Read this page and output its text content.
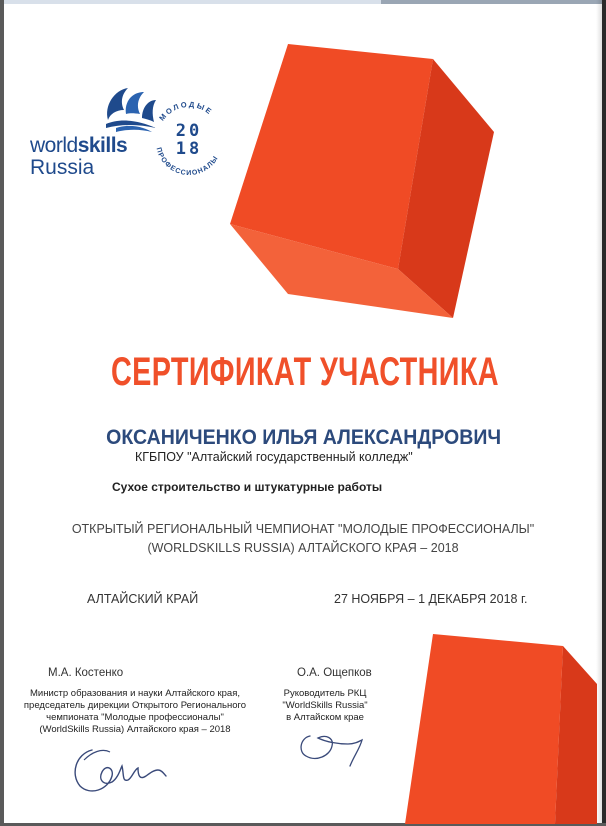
worldskills
Russia
МОЛОДЫЕ
ПРОФЕССИОНАЛЫ
20
18
СЕРТИФИКАТ УЧАСТНИКА
ОКСАНИЧЕНКО ИЛЬЯ АЛЕКСАНДРОВИЧ
КГБПОУ "Алтайский государственный колледж"
Сухое строительство и штукатурные работы
ОТКРЫТЫЙ РЕГИОНАЛЬНЫЙ ЧЕМПИОНАТ "МОЛОДЫЕ ПРОФЕССИОНАЛЫ"
(WORLDSKILLS RUSSIA) АЛТАЙСКОГО КРАЯ – 2018
АЛТАЙСКИЙ КРАЙ	27 НОЯБРЯ – 1 ДЕКАБРЯ 2018 г.
М.А. Костенко
Министр образования и науки Алтайского края,
председатель дирекции Открытого Регионального
чемпионата "Молодые профессионалы"
(WorldSkills Russia) Алтайского края – 2018
О.А. Ощепков
Руководитель РКЦ
"WorldSkills Russia"
в Алтайском крае
